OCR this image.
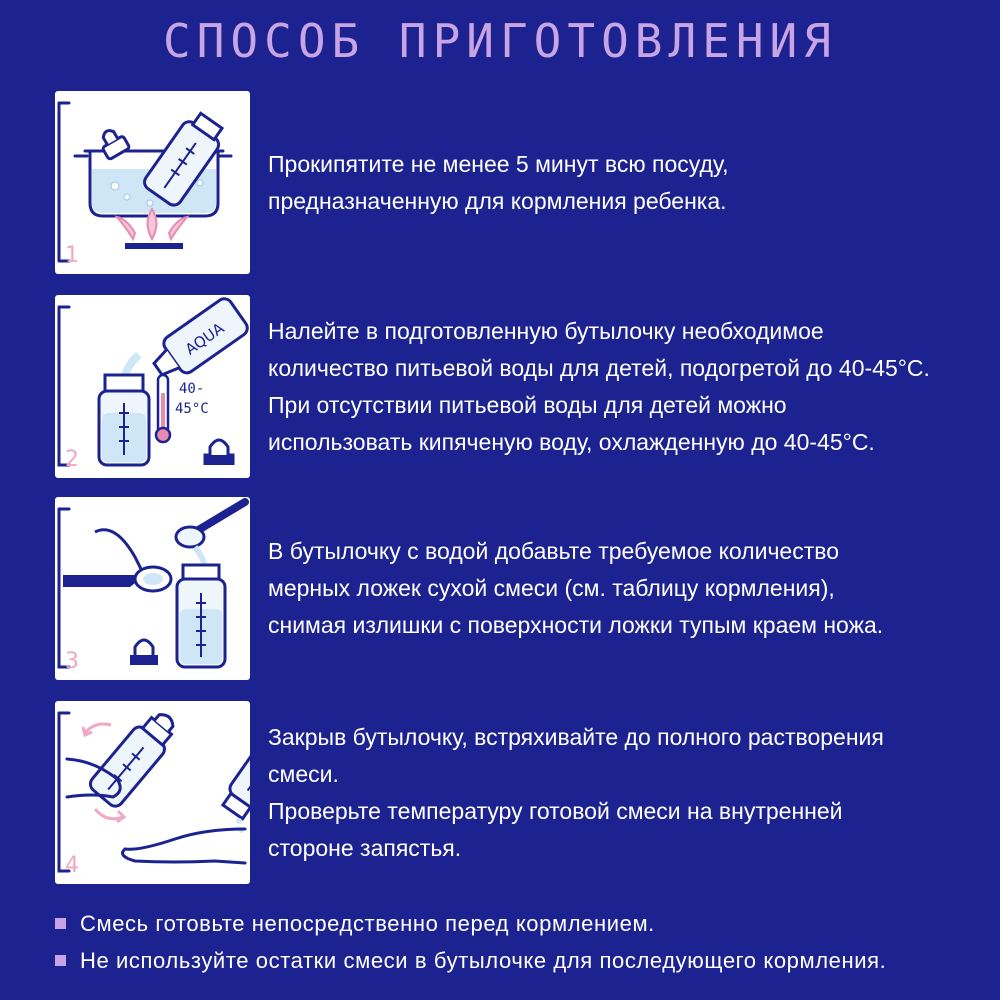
СПОСОБ ПРИГОТОВЛЕНИЯ
1

Прокипятите не менее 5 минут всю посуду,

предназначенную для кормления ребенка.

AQUA
40-
45°C
2

Налейте в подготовленную бутылочку необходимое

количество питьевой воды для детей, подогретой до 40-45°C.

При отсутствии питьевой воды для детей можно

использовать кипяченую воду, охлажденную до 40-45°C.

3

В бутылочку с водой добавьте требуемое количество

мерных ложек сухой смеси (см. таблицу кормления),

снимая излишки с поверхности ложки тупым краем ножа.

4

Закрыв бутылочку, встряхивайте до полного растворения

смеси.

Проверьте температуру готовой смеси на внутренней

стороне запястья.

Смесь готовьте непосредственно перед кормлением.
Не используйте остатки смеси в бутылочке для последующего кормления.
